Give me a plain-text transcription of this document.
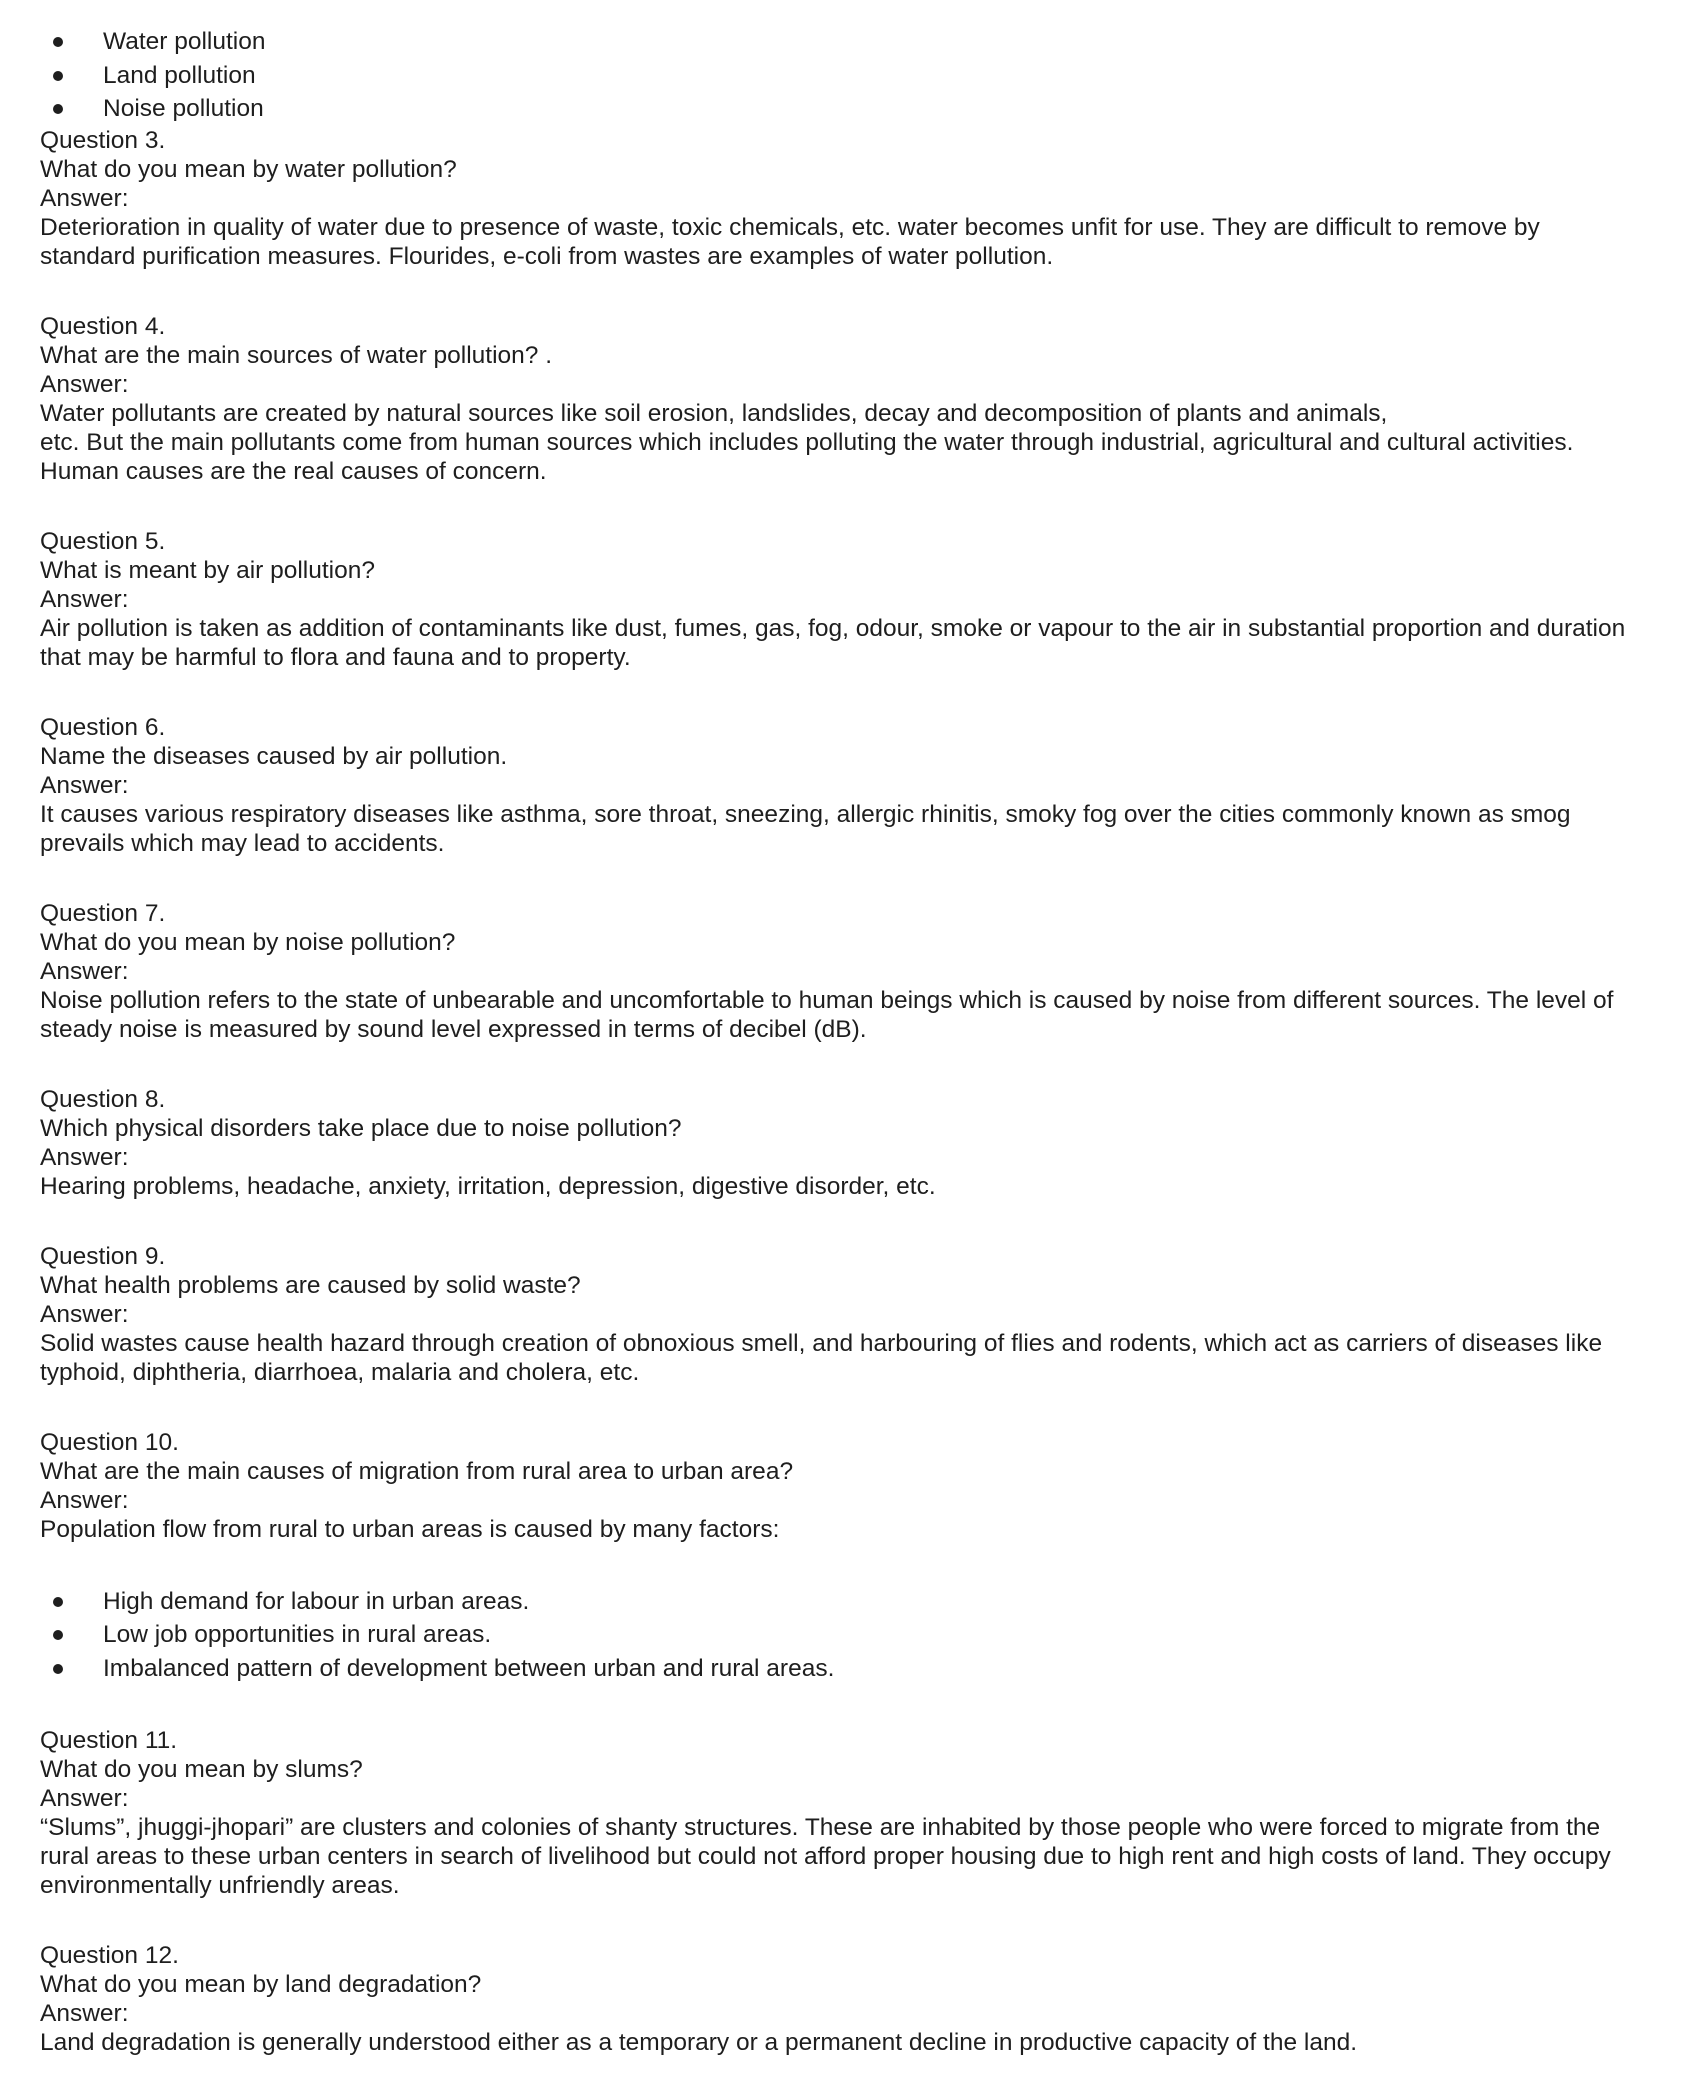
Water pollution
Land pollution
Noise pollution
Question 3.
What do you mean by water pollution?
Answer:
Deterioration in quality of water due to presence of waste, toxic chemicals, etc. water becomes unfit for use. They are difficult to remove by
standard purification measures. Flourides, e-coli from wastes are examples of water pollution.
Question 4.
What are the main sources of water pollution? .
Answer:
Water pollutants are created by natural sources like soil erosion, landslides, decay and decomposition of plants and animals,
etc. But the main pollutants come from human sources which includes polluting the water through industrial, agricultural and cultural activities.
Human causes are the real causes of concern.
Question 5.
What is meant by air pollution?
Answer:
Air pollution is taken as addition of contaminants like dust, fumes, gas, fog, odour, smoke or vapour to the air in substantial proportion and duration
that may be harmful to flora and fauna and to property.
Question 6.
Name the diseases caused by air pollution.
Answer:
It causes various respiratory diseases like asthma, sore throat, sneezing, allergic rhinitis, smoky fog over the cities commonly known as smog
prevails which may lead to accidents.
Question 7.
What do you mean by noise pollution?
Answer:
Noise pollution refers to the state of unbearable and uncomfortable to human beings which is caused by noise from different sources. The level of
steady noise is measured by sound level expressed in terms of decibel (dB).
Question 8.
Which physical disorders take place due to noise pollution?
Answer:
Hearing problems, headache, anxiety, irritation, depression, digestive disorder, etc.
Question 9.
What health problems are caused by solid waste?
Answer:
Solid wastes cause health hazard through creation of obnoxious smell, and harbouring of flies and rodents, which act as carriers of diseases like
typhoid, diphtheria, diarrhoea, malaria and cholera, etc.
Question 10.
What are the main causes of migration from rural area to urban area?
Answer:
Population flow from rural to urban areas is caused by many factors:
High demand for labour in urban areas.
Low job opportunities in rural areas.
Imbalanced pattern of development between urban and rural areas.
Question 11.
What do you mean by slums?
Answer:
“Slums”, jhuggi-jhopari” are clusters and colonies of shanty structures. These are inhabited by those people who were forced to migrate from the
rural areas to these urban centers in search of livelihood but could not afford proper housing due to high rent and high costs of land. They occupy
environmentally unfriendly areas.
Question 12.
What do you mean by land degradation?
Answer:
Land degradation is generally understood either as a temporary or a permanent decline in productive capacity of the land.
